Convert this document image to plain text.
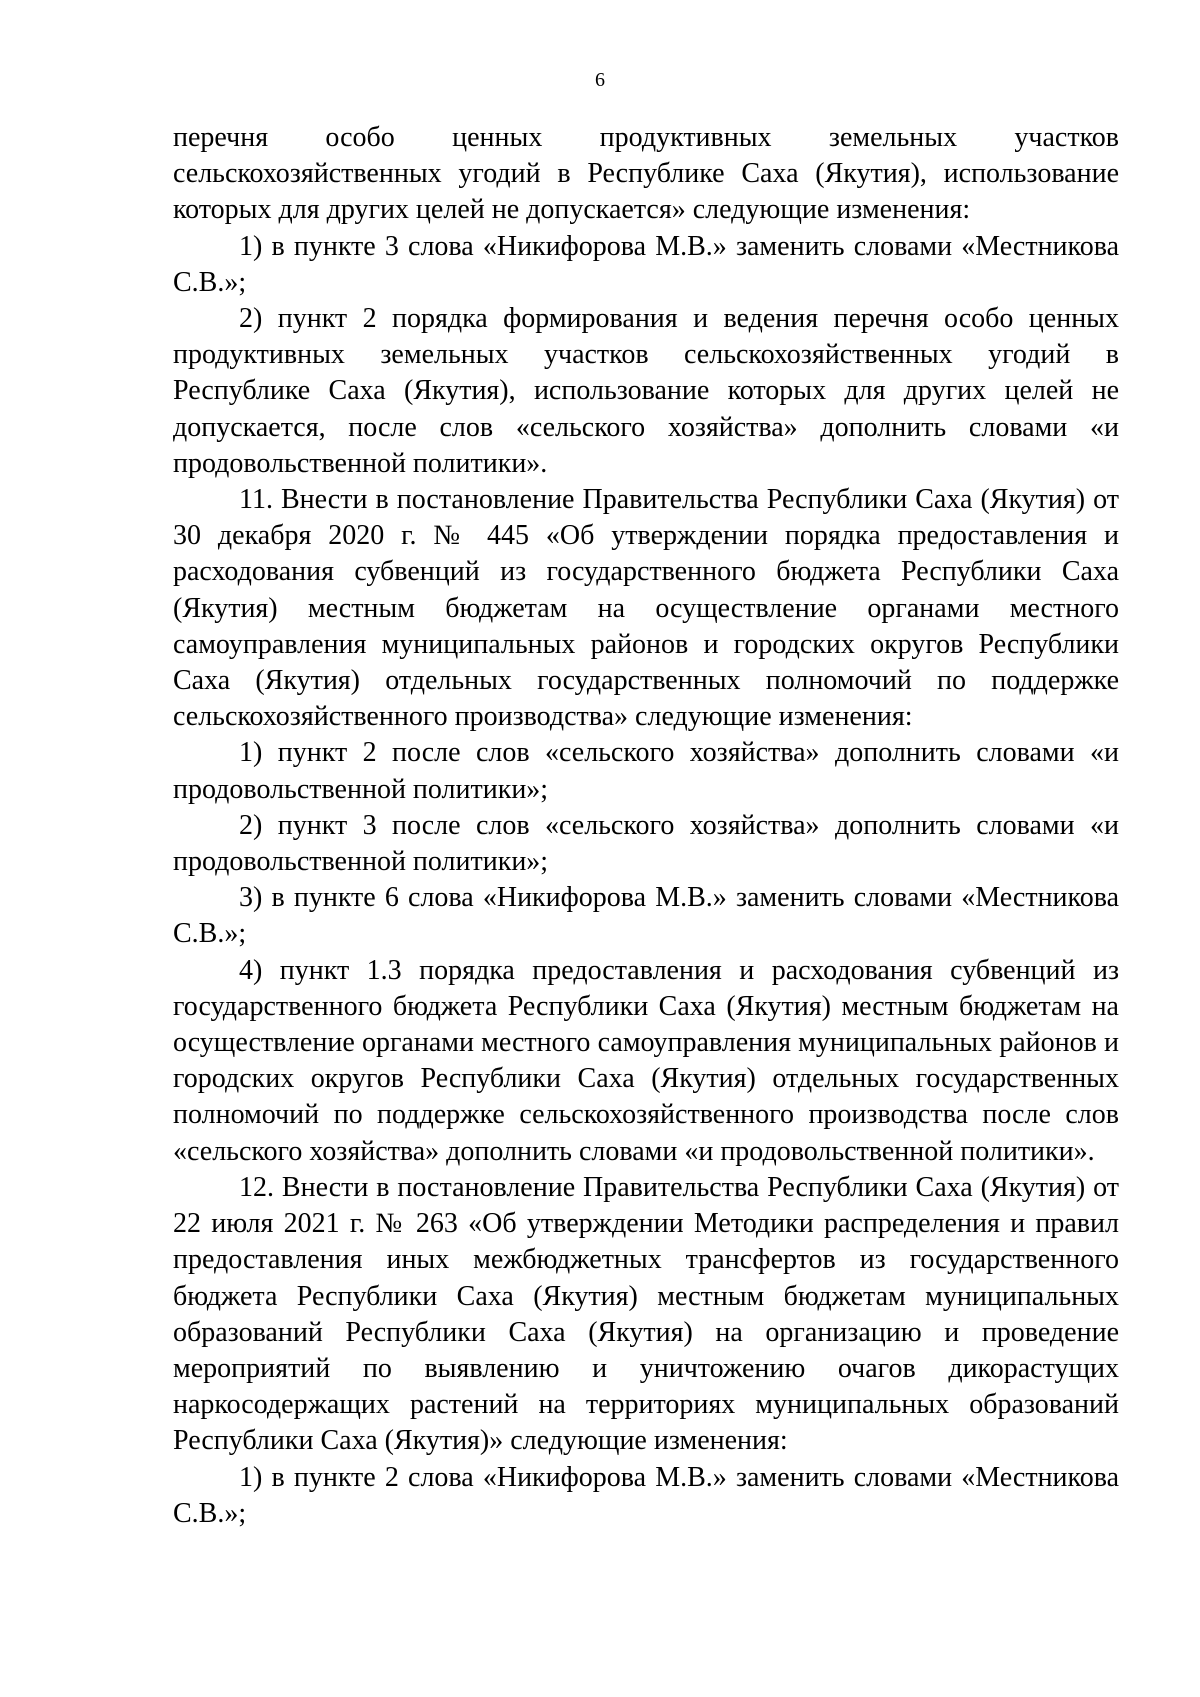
6

перечня особо ценных продуктивных земельных участков сельскохозяйственных угодий в Республике Саха (Якутия), использование которых для других целей не допускается» следующие изменения:

1) в пункте 3 слова «Никифорова М.В.» заменить словами «Местникова С.В.»;

2) пункт 2 порядка формирования и ведения перечня особо ценных продуктивных земельных участков сельскохозяйственных угодий в Республике Саха (Якутия), использование которых для других целей не допускается, после слов «сельского хозяйства» дополнить словами «и продовольственной политики».

11. Внести в постановление Правительства Республики Саха (Якутия) от 30 декабря 2020 г. № 445 «Об утверждении порядка предоставления и расходования субвенций из государственного бюджета Республики Саха (Якутия) местным бюджетам на осуществление органами местного самоуправления муниципальных районов и городских округов Республики Саха (Якутия) отдельных государственных полномочий по поддержке сельскохозяйственного производства» следующие изменения:

1) пункт 2 после слов «сельского хозяйства» дополнить словами «и продовольственной политики»;

2) пункт 3 после слов «сельского хозяйства» дополнить словами «и продовольственной политики»;

3) в пункте 6 слова «Никифорова М.В.» заменить словами «Местникова С.В.»;

4) пункт 1.3 порядка предоставления и расходования субвенций из государственного бюджета Республики Саха (Якутия) местным бюджетам на осуществление органами местного самоуправления муниципальных районов и городских округов Республики Саха (Якутия) отдельных государственных полномочий по поддержке сельскохозяйственного производства после слов «сельского хозяйства» дополнить словами «и продовольственной политики».

12. Внести в постановление Правительства Республики Саха (Якутия) от 22 июля 2021 г. № 263 «Об утверждении Методики распределения и правил предоставления иных межбюджетных трансфертов из государственного бюджета Республики Саха (Якутия) местным бюджетам муниципальных образований Республики Саха (Якутия) на организацию и проведение мероприятий по выявлению и уничтожению очагов дикорастущих наркосодержащих растений на территориях муниципальных образований Республики Саха (Якутия)» следующие изменения:

1) в пункте 2 слова «Никифорова М.В.» заменить словами «Местникова С.В.»;
